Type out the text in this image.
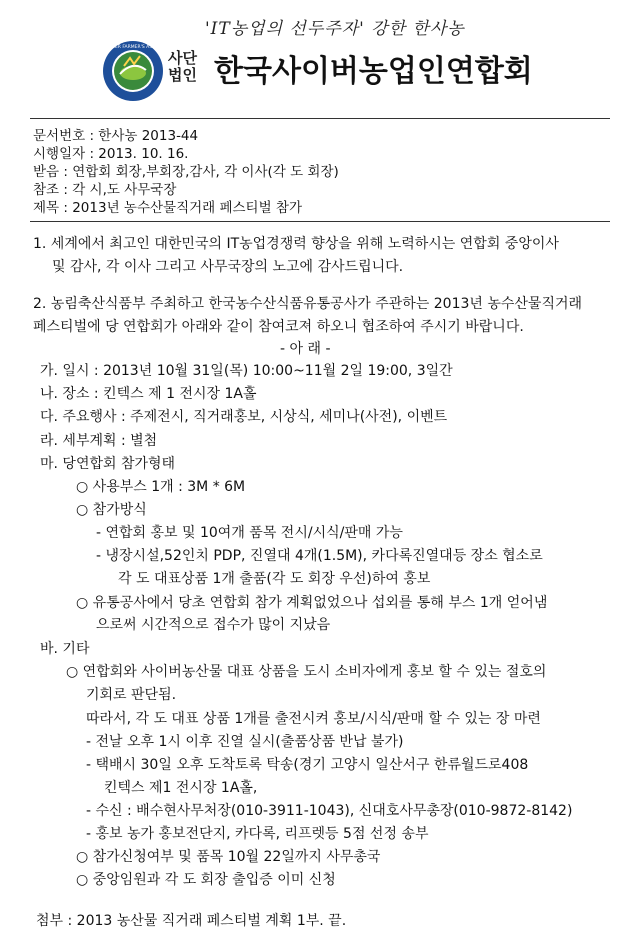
'IT농업의 선두주자' 강한 한사농
KOREA CYBER FARMER'S ASSOCIATION
사단
법인 한국사이버농업인연합회
문서번호 : 한사농 2013-44
시행일자 : 2013. 10. 16.
받음 : 연합회 회장,부회장,감사, 각 이사(각 도 회장)
참조 : 각 시,도 사무국장
제목 : 2013년 농수산물직거래 페스티벌 참가
1. 세계에서 최고인 대한민국의 IT농업경쟁력 향상을 위해 노력하시는 연합회 중앙이사
및 감사, 각 이사 그리고 사무국장의 노고에 감사드립니다.
2. 농림축산식품부 주최하고 한국농수산식품유통공사가 주관하는 2013년 농수산물직거래
페스티벌에 당 연합회가 아래와 같이 참여코져 하오니 협조하여 주시기 바랍니다.
- 아 래 -
가. 일시 : 2013년 10월 31일(목) 10:00~11월 2일 19:00, 3일간
나. 장소 : 킨텍스 제 1 전시장 1A홀
다. 주요행사 : 주제전시, 직거래홍보, 시상식, 세미나(사전), 이벤트
라. 세부계획 : 별첨
마. 당연합회 참가형태
○ 사용부스 1개 : 3M * 6M
○ 참가방식
- 연합회 홍보 및 10여개 품목 전시/시식/판매 가능
- 냉장시설,52인치 PDP, 진열대 4개(1.5M), 카다록진열대등 장소 협소로
각 도 대표상품 1개 출품(각 도 회장 우선)하여 홍보
○ 유통공사에서 당초 연합회 참가 계획없었으나 섭외를 통해 부스 1개 얻어냄
으로써 시간적으로 접수가 많이 지났음
바. 기타
○ 연합회와 사이버농산물 대표 상품을 도시 소비자에게 홍보 할 수 있는 절호의
기회로 판단됨.
따라서, 각 도 대표 상품 1개를 출전시켜 홍보/시식/판매 할 수 있는 장 마련
- 전날 오후 1시 이후 진열 실시(출품상품 반납 불가)
- 택배시 30일 오후 도착토록 탁송(경기 고양시 일산서구 한류월드로408
킨텍스 제1 전시장 1A홀,
- 수신 : 배수현사무처장(010-3911-1043), 신대호사무총장(010-9872-8142)
- 홍보 농가 홍보전단지, 카다록, 리프렛등 5점 선정 송부
○ 참가신청여부 및 품목 10월 22일까지 사무총국
○ 중앙임원과 각 도 회장 출입증 이미 신청
첨부 : 2013 농산물 직거래 페스티벌 계획 1부. 끝.
